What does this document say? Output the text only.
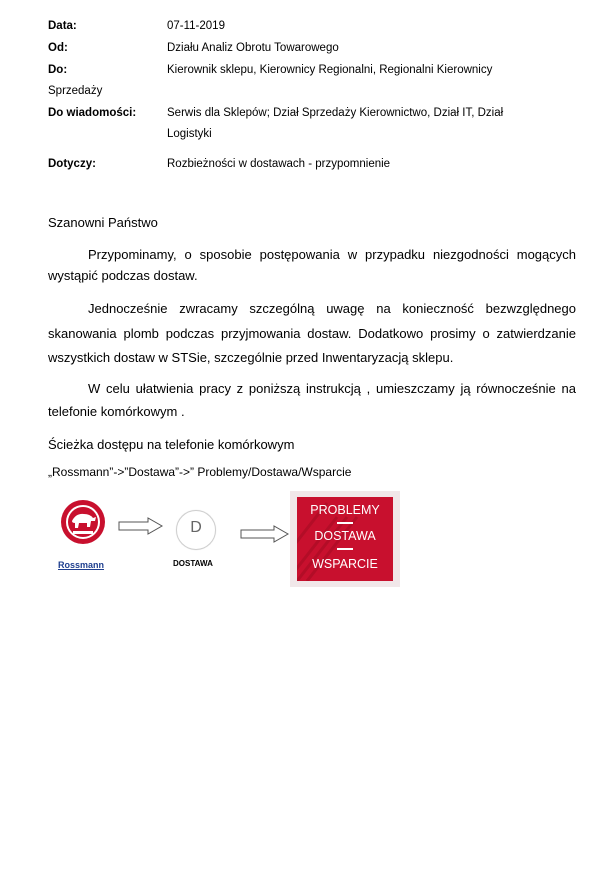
Data:	07-11-2019
Od:	Działu Analiz Obrotu Towarowego
Do:	Kierownik sklepu, Kierownicy Regionalni, Regionalni Kierownicy
Sprzedaży
Do wiadomości:	Serwis dla Sklepów; Dział Sprzedaży Kierownictwo, Dział IT, Dział
Logistyki
Dotyczy:	Rozbieżności w dostawach - przypomnienie
Szanowni Państwo
Przypominamy, o sposobie postępowania w przypadku niezgodności mogących
wystąpić podczas dostaw.
Jednocześnie zwracamy szczególną uwagę na konieczność bezwzględnego
skanowania plomb podczas przyjmowania dostaw. Dodatkowo prosimy o zatwierdzanie
wszystkich dostaw w STSie, szczególnie przed Inwentaryzacją sklepu.
W celu ułatwienia pracy z poniższą instrukcją , umieszczamy ją równocześnie na
telefonie komórkowym .
Ścieżka dostępu na telefonie komórkowym
„Rossmann”->”Dostawa”->” Problemy/Dostawa/Wsparcie
Rossmann
D
DOSTAWA
PROBLEMY
DOSTAWA
WSPARCIE
